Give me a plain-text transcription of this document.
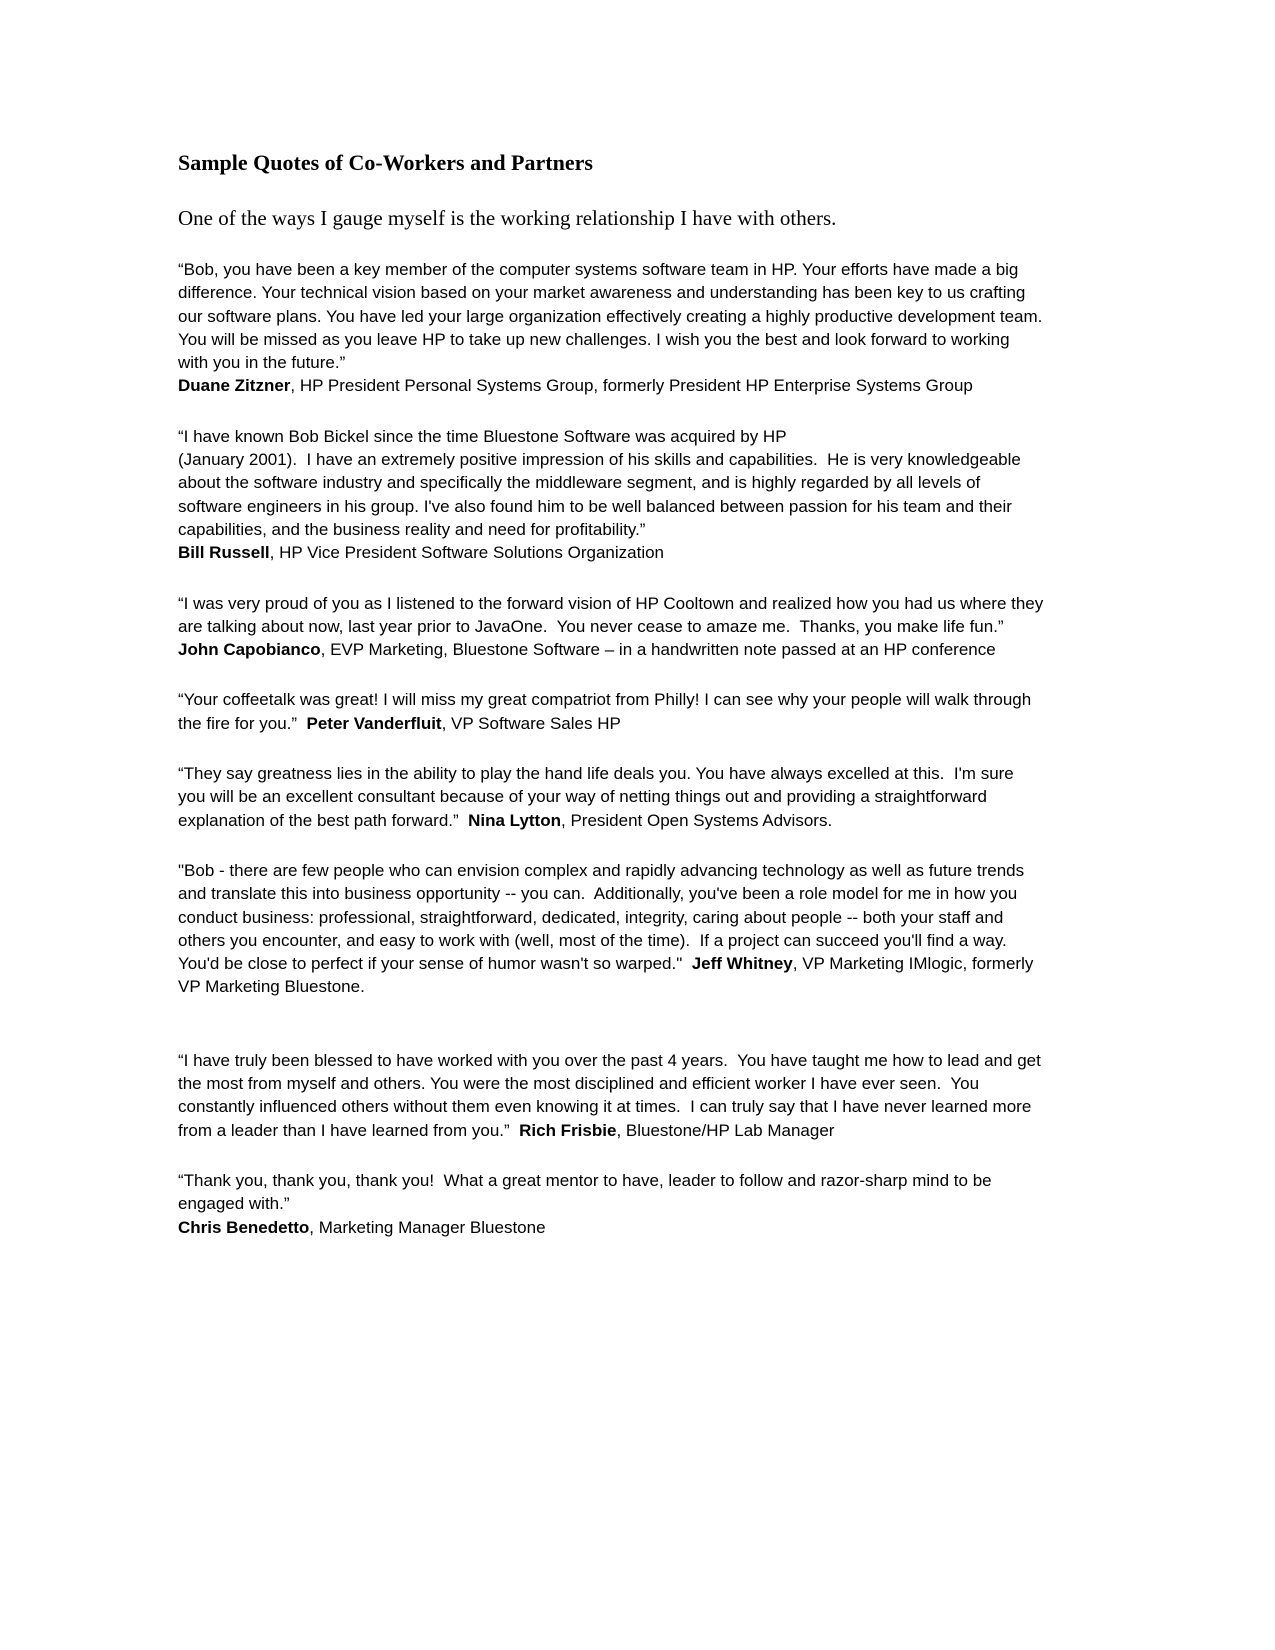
Sample Quotes of Co-Workers and Partners

One of the ways I gauge myself is the working relationship I have with others.

“Bob, you have been a key member of the computer systems software team in HP. Your efforts have made a big difference. Your technical vision based on your market awareness and understanding has been key to us crafting our software plans. You have led your large organization effectively creating a highly productive development team. You will be missed as you leave HP to take up new challenges. I wish you the best and look forward to working with you in the future.”
Duane Zitzner, HP President Personal Systems Group, formerly President HP Enterprise Systems Group

“I have known Bob Bickel since the time Bluestone Software was acquired by HP
(January 2001).  I have an extremely positive impression of his skills and capabilities.  He is very knowledgeable about the software industry and specifically the middleware segment, and is highly regarded by all levels of software engineers in his group. I've also found him to be well balanced between passion for his team and their capabilities, and the business reality and need for profitability.”
Bill Russell, HP Vice President Software Solutions Organization

“I was very proud of you as I listened to the forward vision of HP Cooltown and realized how you had us where they are talking about now, last year prior to JavaOne.  You never cease to amaze me.  Thanks, you make life fun.”
John Capobianco, EVP Marketing, Bluestone Software – in a handwritten note passed at an HP conference

“Your coffeetalk was great! I will miss my great compatriot from Philly! I can see why your people will walk through the fire for you.”  Peter Vanderfluit, VP Software Sales HP

“They say greatness lies in the ability to play the hand life deals you. You have always excelled at this.  I'm sure you will be an excellent consultant because of your way of netting things out and providing a straightforward explanation of the best path forward.”  Nina Lytton, President Open Systems Advisors.

"Bob - there are few people who can envision complex and rapidly advancing technology as well as future trends and translate this into business opportunity -- you can.  Additionally, you've been a role model for me in how you conduct business: professional, straightforward, dedicated, integrity, caring about people -- both your staff and others you encounter, and easy to work with (well, most of the time).  If a project can succeed you'll find a way.  You'd be close to perfect if your sense of humor wasn't so warped."  Jeff Whitney, VP Marketing IMlogic, formerly VP Marketing Bluestone.

“I have truly been blessed to have worked with you over the past 4 years.  You have taught me how to lead and get the most from myself and others. You were the most disciplined and efficient worker I have ever seen.  You constantly influenced others without them even knowing it at times.  I can truly say that I have never learned more from a leader than I have learned from you.”  Rich Frisbie, Bluestone/HP Lab Manager

“Thank you, thank you, thank you!  What a great mentor to have, leader to follow and razor-sharp mind to be engaged with.”
Chris Benedetto, Marketing Manager Bluestone
